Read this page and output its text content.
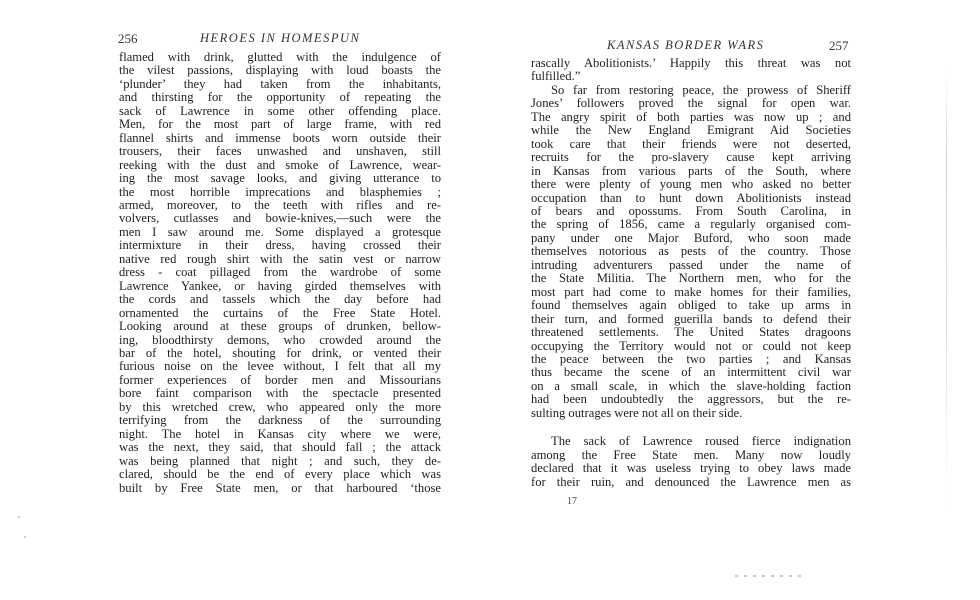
256	HEROES IN HOMESPUN
flamed with drink, glutted with the indulgence of
the vilest passions, displaying with loud boasts the
‘plunder’ they had taken from the inhabitants,
and thirsting for the opportunity of repeating the
sack of Lawrence in some other offending place.
Men, for the most part of large frame, with red
flannel shirts and immense boots worn outside their
trousers, their faces unwashed and unshaven, still
reeking with the dust and smoke of Lawrence, wear-
ing the most savage looks, and giving utterance to
the most horrible imprecations and blasphemies ;
armed, moreover, to the teeth with rifles and re-
volvers, cutlasses and bowie-knives,—such were the
men I saw around me. Some displayed a grotesque
intermixture in their dress, having crossed their
native red rough shirt with the satin vest or narrow
dress - coat pillaged from the wardrobe of some
Lawrence Yankee, or having girded themselves with
the cords and tassels which the day before had
ornamented the curtains of the Free State Hotel.
Looking around at these groups of drunken, bellow-
ing, bloodthirsty demons, who crowded around the
bar of the hotel, shouting for drink, or vented their
furious noise on the levee without, I felt that all my
former experiences of border men and Missourians
bore faint comparison with the spectacle presented
by this wretched crew, who appeared only the more
terrifying from the darkness of the surrounding
night. The hotel in Kansas city where we were,
was the next, they said, that should fall ; the attack
was being planned that night ; and such, they de-
clared, should be the end of every place which was
built by Free State men, or that harboured ‘those
KANSAS BORDER WARS	257
rascally Abolitionists.’ Happily this threat was not
fulfilled.”
So far from restoring peace, the prowess of Sheriff
Jones’ followers proved the signal for open war.
The angry spirit of both parties was now up ; and
while the New England Emigrant Aid Societies
took care that their friends were not deserted,
recruits for the pro-slavery cause kept arriving
in Kansas from various parts of the South, where
there were plenty of young men who asked no better
occupation than to hunt down Abolitionists instead
of bears and opossums. From South Carolina, in
the spring of 1856, came a regularly organised com-
pany under one Major Buford, who soon made
themselves notorious as pests of the country. Those
intruding adventurers passed under the name of
the State Militia. The Northern men, who for the
most part had come to make homes for their families,
found themselves again obliged to take up arms in
their turn, and formed guerilla bands to defend their
threatened settlements. The United States dragoons
occupying the Territory would not or could not keep
the peace between the two parties ; and Kansas
thus became the scene of an intermittent civil war
on a small scale, in which the slave-holding faction
had been undoubtedly the aggressors, but the re-
sulting outrages were not all on their side.
The sack of Lawrence roused fierce indignation
among the Free State men. Many now loudly
declared that it was useless trying to obey laws made
for their ruin, and denounced the Lawrence men as
17
